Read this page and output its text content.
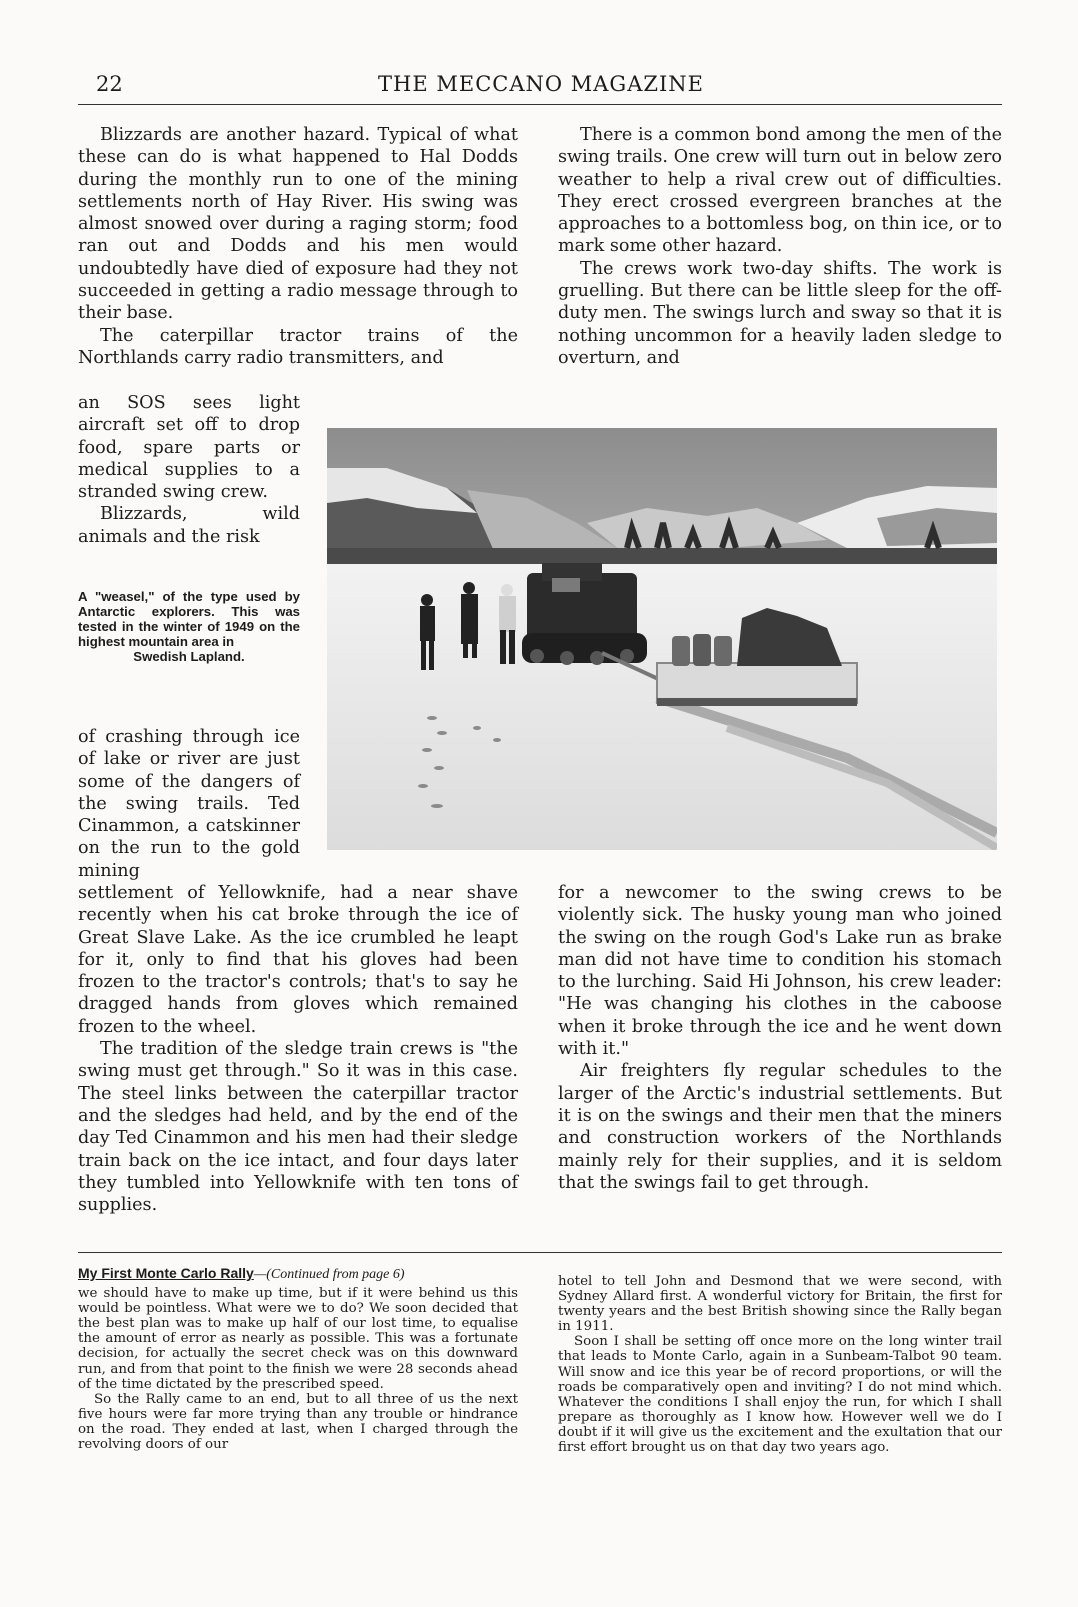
22	THE MECCANO MAGAZINE

Blizzards are another hazard. Typical of what these can do is what happened to Hal Dodds during the monthly run to one of the mining settlements north of Hay River. His swing was almost snowed over during a raging storm; food ran out and Dodds and his men would undoubtedly have died of exposure had they not succeeded in getting a radio message through to their base.

The caterpillar tractor trains of the Northlands carry radio transmitters, and

an SOS sees light aircraft set off to drop food, spare parts or medical supplies to a stranded swing crew.

Blizzards, wild animals and the risk

A "weasel," of the type used by Antarctic explorers. This was tested in the winter of 1949 on the highest mountain area in
Swedish Lapland.

of crashing through ice of lake or river are just some of the dangers of the swing trails. Ted Cinammon, a catskinner on the run to the gold mining

settlement of Yellowknife, had a near shave recently when his cat broke through the ice of Great Slave Lake. As the ice crumbled he leapt for it, only to find that his gloves had been frozen to the tractor's controls; that's to say he dragged hands from gloves which remained frozen to the wheel.

The tradition of the sledge train crews is "the swing must get through." So it was in this case. The steel links between the caterpillar tractor and the sledges had held, and by the end of the day Ted Cinammon and his men had their sledge train back on the ice intact, and four days later they tumbled into Yellowknife with ten tons of supplies.

There is a common bond among the men of the swing trails. One crew will turn out in below zero weather to help a rival crew out of difficulties. They erect crossed evergreen branches at the approaches to a bottomless bog, on thin ice, or to mark some other hazard.

The crews work two-day shifts. The work is gruelling. But there can be little sleep for the off-duty men. The swings lurch and sway so that it is nothing uncommon for a heavily laden sledge to overturn, and

for a newcomer to the swing crews to be violently sick. The husky young man who joined the swing on the rough God's Lake run as brake man did not have time to condition his stomach to the lurching. Said Hi Johnson, his crew leader: "He was changing his clothes in the caboose when it broke through the ice and he went down with it."

Air freighters fly regular schedules to the larger of the Arctic's industrial settlements. But it is on the swings and their men that the miners and construction workers of the Northlands mainly rely for their supplies, and it is seldom that the swings fail to get through.

My First Monte Carlo Rally—(Continued from page 6)

we should have to make up time, but if it were behind us this would be pointless. What were we to do? We soon decided that the best plan was to make up half of our lost time, to equalise the amount of error as nearly as possible. This was a fortunate decision, for actually the secret check was on this downward run, and from that point to the finish we were 28 seconds ahead of the time dictated by the prescribed speed.

So the Rally came to an end, but to all three of us the next five hours were far more trying than any trouble or hindrance on the road. They ended at last, when I charged through the revolving doors of our

hotel to tell John and Desmond that we were second, with Sydney Allard first. A wonderful victory for Britain, the first for twenty years and the best British showing since the Rally began in 1911.

Soon I shall be setting off once more on the long winter trail that leads to Monte Carlo, again in a Sunbeam-Talbot 90 team. Will snow and ice this year be of record proportions, or will the roads be comparatively open and inviting? I do not mind which. Whatever the conditions I shall enjoy the run, for which I shall prepare as thoroughly as I know how. However well we do I doubt if it will give us the excitement and the exultation that our first effort brought us on that day two years ago.
